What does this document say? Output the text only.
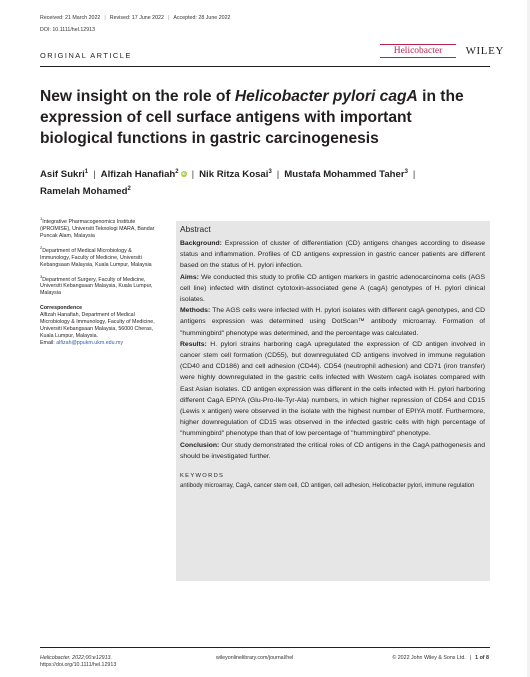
Received: 21 March 2022 | Revised: 17 June 2022 | Accepted: 28 June 2022
DOI: 10.1111/hel.12913
Helicobacter	WILEY
ORIGINAL ARTICLE
New insight on the role of Helicobacter pylori cagA in the expression of cell surface antigens with important biological functions in gastric carcinogenesis
Asif Sukri$^1$ | Alfizah Hanafiah$^2$ iD | Nik Ritza Kosai$^3$ | Mustafa Mohammed Taher$^3$ |
Ramelah Mohamed$^2$

$^1$Integrative Pharmacogenomics Institute (iPROMISE), Universiti Teknologi MARA, Bandar Puncak Alam, Malaysia

$^2$Department of Medical Microbiology & Immunology, Faculty of Medicine, Universiti Kebangsaan Malaysia, Kuala Lumpur, Malaysia

$^3$Department of Surgery, Faculty of Medicine, Universiti Kebangsaan Malaysia, Kuala Lumpur, Malaysia

Correspondence

Alfizah Hanafiah, Department of Medical Microbiology & Immunology, Faculty of Medicine, Universiti Kebangsaan Malaysia, 56000 Cheras, Kuala Lumpur, Malaysia.
Email: alfizah@ppukm.ukm.edu.my

Abstract

Background: Expression of cluster of differentiation (CD) antigens changes according to disease status and inflammation. Profiles of CD antigens expression in gastric cancer patients are different based on the status of H. pylori infection.

Aims: We conducted this study to profile CD antigen markers in gastric adenocarcinoma cells (AGS cell line) infected with distinct cytotoxin-associated gene A (cagA) genotypes of H. pylori clinical isolates.

Methods: The AGS cells were infected with H. pylori isolates with different cagA genotypes, and CD antigens expression was determined using DotScan™ antibody microarray. Formation of "hummingbird" phenotype was determined, and the percentage was calculated.

Results: H. pylori strains harboring cagA upregulated the expression of CD antigen involved in cancer stem cell formation (CD55), but downregulated CD antigens involved in immune regulation (CD40 and CD186) and cell adhesion (CD44). CD54 (neutrophil adhesion) and CD71 (iron transfer) were highly downregulated in the gastric cells infected with Western cagA isolates compared with East Asian isolates. CD antigen expression was different in the cells infected with H. pylori harboring different CagA EPIYA (Glu-Pro-Ile-Tyr-Ala) numbers, in which higher repression of CD54 and CD15 (Lewis x antigen) were observed in the isolate with the highest number of EPIYA motif. Furthermore, higher downregulation of CD15 was observed in the infected gastric cells with high percentage of "hummingbird" phenotype than that of low percentage of "hummingbird" phenotype.

Conclusion: Our study demonstrated the critical roles of CD antigens in the CagA pathogenesis and should be investigated further.

KEYWORDS

antibody microarray, CagA, cancer stem cell, CD antigen, cell adhesion, Helicobacter pylori, immune regulation

Helicobacter. 2022;00:e12913.
https://doi.org/10.1111/hel.12913
wileyonlinelibrary.com/journal/hel	© 2022 John Wiley & Sons Ltd. | 1 of 8
